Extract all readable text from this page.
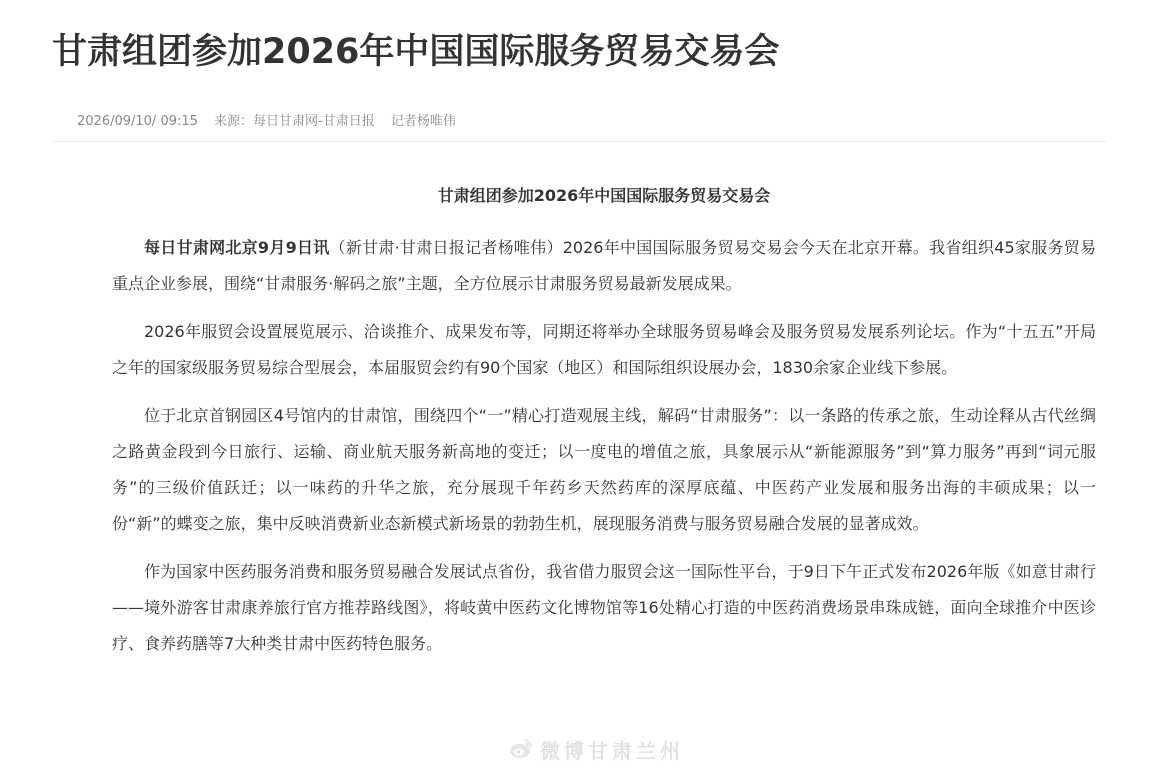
甘肃组团参加2026年中国国际服务贸易交易会
2026/09/10/ 09:15 来源：每日甘肃网-甘肃日报 记者杨唯伟
甘肃组团参加2026年中国国际服务贸易交易会

每日甘肃网北京9月9日讯（新甘肃·甘肃日报记者杨唯伟）2026年中国国际服务贸易交易会今天在北京开幕。我省组织45家服务贸易重点企业参展，围绕“甘肃服务·解码之旅”主题，全方位展示甘肃服务贸易最新发展成果。

2026年服贸会设置展览展示、洽谈推介、成果发布等，同期还将举办全球服务贸易峰会及服务贸易发展系列论坛。作为“十五五”开局之年的国家级服务贸易综合型展会，本届服贸会约有90个国家（地区）和国际组织设展办会，1830余家企业线下参展。

位于北京首钢园区4号馆内的甘肃馆，围绕四个“一”精心打造观展主线，解码“甘肃服务”：以一条路的传承之旅，生动诠释从古代丝绸之路黄金段到今日旅行、运输、商业航天服务新高地的变迁；以一度电的增值之旅，具象展示从“新能源服务”到“算力服务”再到“词元服务”的三级价值跃迁；以一味药的升华之旅，充分展现千年药乡天然药库的深厚底蕴、中医药产业发展和服务出海的丰硕成果；以一份“新”的蝶变之旅，集中反映消费新业态新模式新场景的勃勃生机，展现服务消费与服务贸易融合发展的显著成效。

作为国家中医药服务消费和服务贸易融合发展试点省份，我省借力服贸会这一国际性平台，于9日下午正式发布2026年版《如意甘肃行——境外游客甘肃康养旅行官方推荐路线图》，将岐黄中医药文化博物馆等16处精心打造的中医药消费场景串珠成链，面向全球推介中医诊疗、食养药膳等7大种类甘肃中医药特色服务。

微博 甘肃兰州
